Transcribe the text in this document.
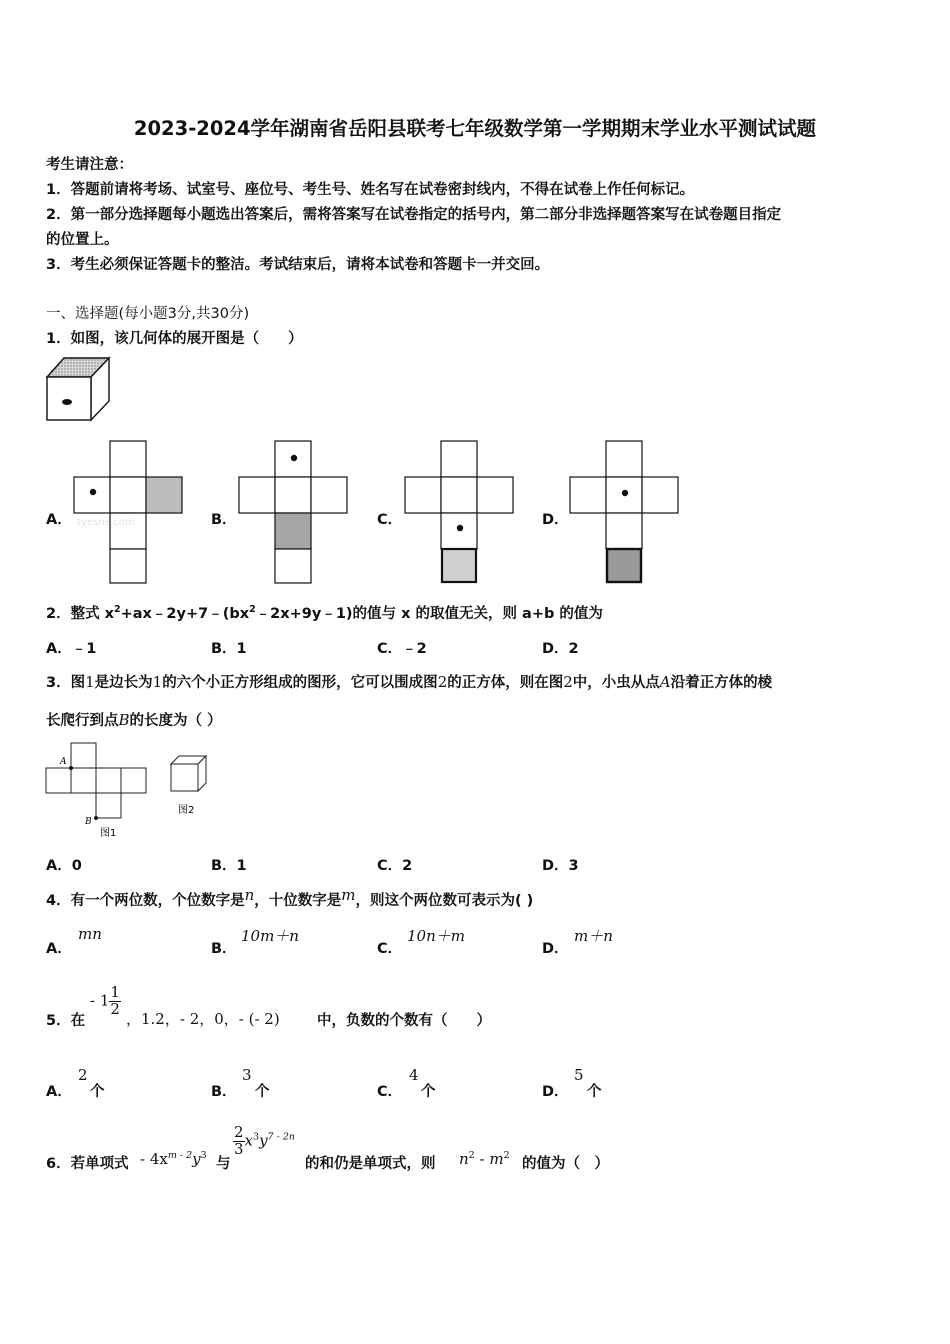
2023-2024学年湖南省岳阳县联考七年级数学第一学期期末学业水平测试试题
考生请注意：
1．答题前请将考场、试室号、座位号、考生号、姓名写在试卷密封线内，不得在试卷上作任何标记。
2．第一部分选择题每小题选出答案后，需将答案写在试卷指定的括号内，第二部分非选择题答案写在试卷题目指定
的位置上。
3．考生必须保证答题卡的整洁。考试结束后，请将本试卷和答题卡一并交回。
一、选择题(每小题3分,共30分)
1．如图，该几何体的展开图是（　　）
A． zyesns.com	B．	C．	D．
2．整式 $x^2+ax﹣2y+7﹣(bx^2﹣2x+9y﹣1)$的值与 x 的取值无关，则 a+b 的值为
A．﹣1	B．1	C．﹣2	D．2
3．图1是边长为1的六个小正方形组成的图形，它可以围成图2的正方体，则在图2中，小虫从点A沿着正方体的棱
长爬行到点B的长度为（ ）
A
B
图1
图2
A．0	B．1	C．2	D．3
4．有一个两位数，个位数字是n，十位数字是m，则这个两位数可表示为( )
A．
mn
B．
10m＋n
C．
10n＋m
D．
m＋n
5．在
- $1 \frac{1}{2}$
，1.2，- 2，0，- (- 2)	中，负数的个数有（　　）
A．
2
个	B．
3
个	C．
4
个	D．
5
个
6．若单项式 - $4x^{m - 2}y^3$
与
$\frac{2}{3} x^3y^{7 - 2n}$
的和仍是单项式，则 $n^2 - m^2$
的值为（　）
